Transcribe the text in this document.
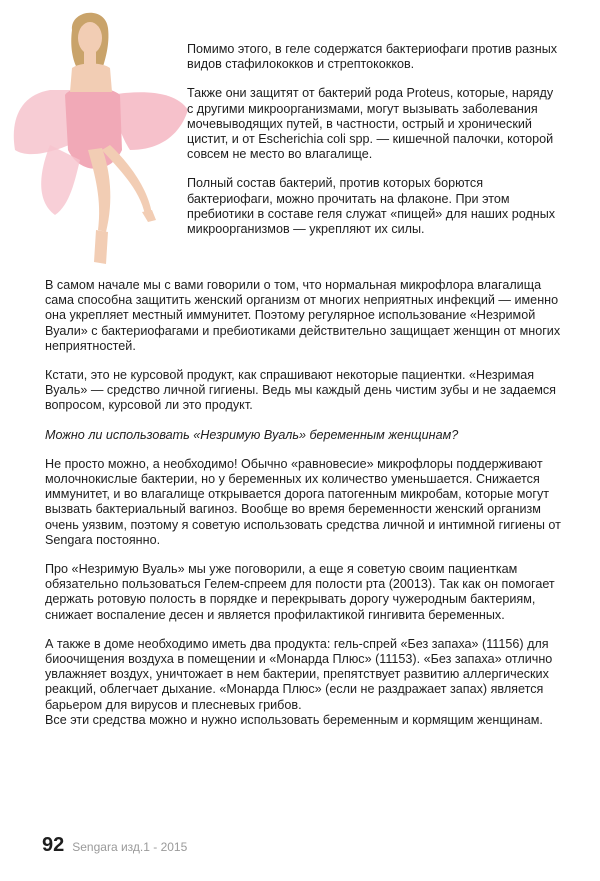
Помимо этого, в геле содержатся бактериофаги против разных видов стафилококков и стрептококков.

Также они защитят от бактерий рода Proteus, которые, наряду с другими микроорганизмами, могут вызывать заболевания мочевыводящих путей, в частности, острый и хронический цистит, и от Escherichia coli spp. — кишечной палочки, которой совсем не место во влагалище.

Полный состав бактерий, против которых борются бактериофаги, можно прочитать на флаконе. При этом пребиотики в составе геля служат «пищей» для наших родных микроорганизмов — укрепляют их силы.

В самом начале мы с вами говорили о том, что нормальная микрофлора влагалища сама способна защитить женский организм от многих неприятных инфекций — именно она укрепляет местный иммунитет. Поэтому регулярное использование «Незримой Вуали» с бактериофагами и пребиотиками действительно защищает женщин от многих неприятностей.

Кстати, это не курсовой продукт, как спрашивают некоторые пациентки. «Незримая Вуаль» — средство личной гигиены. Ведь мы каждый день чистим зубы и не задаемся вопросом, курсовой ли это продукт.

Можно ли использовать «Незримую Вуаль» беременным женщинам?

Не просто можно, а необходимо! Обычно «равновесие» микрофлоры поддерживают молочнокислые бактерии, но у беременных их количество уменьшается. Снижается иммунитет, и во влагалище открывается дорога патогенным микробам, которые могут вызвать бактериальный вагиноз. Вообще во время беременности женский организм очень уязвим, поэтому я советую использовать средства личной и интимной гигиены от Sengara постоянно.

Про «Незримую Вуаль» мы уже поговорили, а еще я советую своим пациенткам обязательно пользоваться Гелем-спреем для полости рта (20013). Так как он помогает держать ротовую полость в порядке и перекрывать дорогу чужеродным бактериям, снижает воспаление десен и является профилактикой гингивита беременных.

А также в доме необходимо иметь два продукта: гель-спрей «Без запаха» (11156) для биоочищения воздуха в помещении и «Монарда Плюс» (11153). «Без запаха» отлично увлажняет воздух, уничтожает в нем бактерии, препятствует развитию аллергических реакций, облегчает дыхание. «Монарда Плюс» (если не раздражает запах) является барьером для вирусов и плесневых грибов.
Все эти средства можно и нужно использовать беременным и кормящим женщинам.

92 Sengara изд.1 - 2015
